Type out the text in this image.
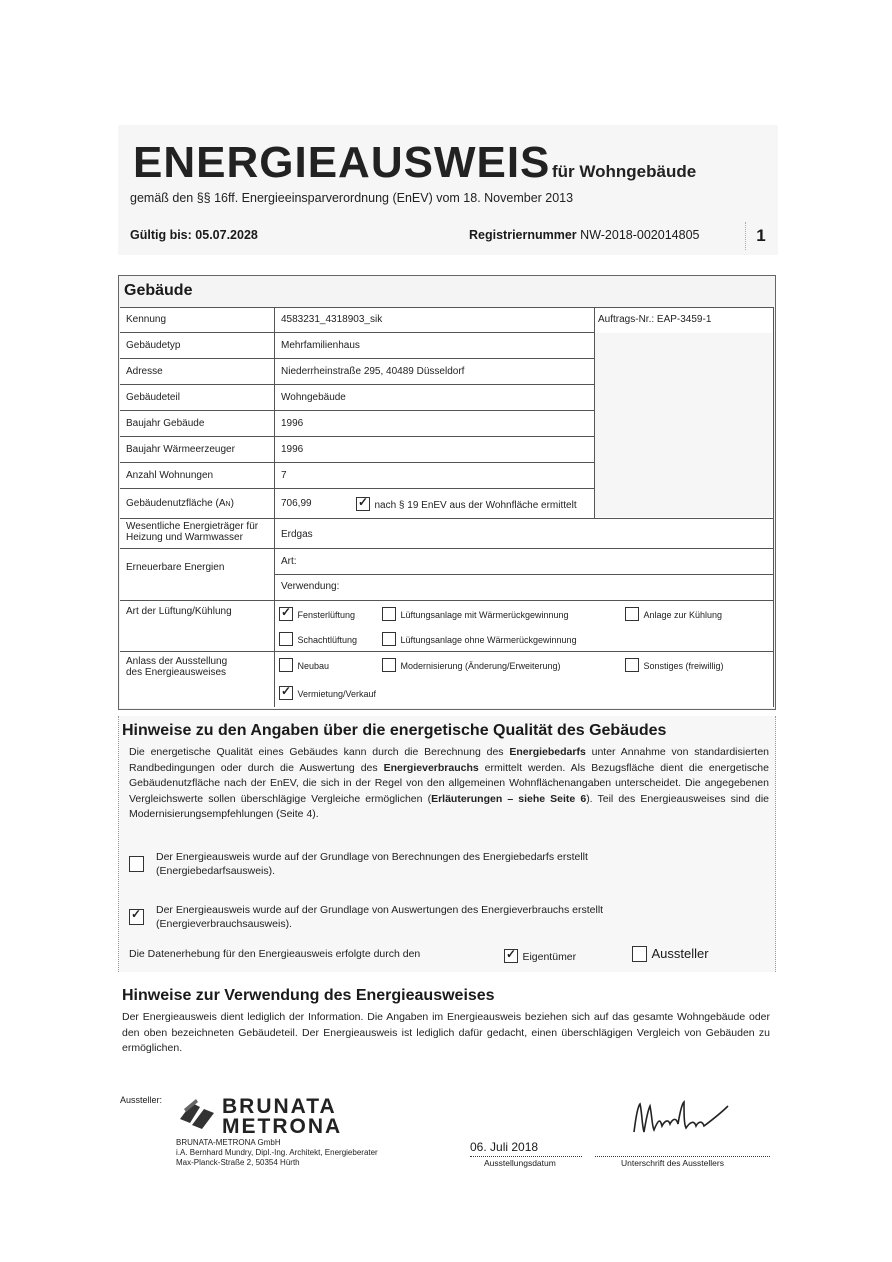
ENERGIEAUSWEIS für Wohngebäude
gemäß den §§ 16ff. Energieeinsparverordnung (EnEV) vom 18. November 2013
Gültig bis: 05.07.2028	Registriernummer NW-2018-002014805	1
Gebäude
Kennung	4583231_4318903_sik	Auftrags-Nr.: EAP-3459-1
Gebäudetyp	Mehrfamilienhaus
Adresse	Niederrheinstraße 295, 40489 Düsseldorf
Gebäudeteil	Wohngebäude
Baujahr Gebäude	1996
Baujahr Wärmeerzeuger	1996
Anzahl Wohnungen	7
Gebäudenutzfläche (AN)	706,99 ✓	nach § 19 EnEV aus der Wohnfläche ermittelt
Wesentliche Energieträger für
Heizung und Warmwasser	Erdgas
Erneuerbare Energien
Art:
Verwendung:
Art der Lüftung/Kühlung ✓	Fensterlüftung	Lüftungsanlage mit Wärmerückgewinnung	Anlage zur Kühlung
Schachtlüftung	Lüftungsanlage ohne Wärmerückgewinnung
Anlass der Ausstellung
des Energieausweises
Neubau	Modernisierung (Änderung/Erweiterung)	Sonstiges (freiwillig)
✓ Vermietung/Verkauf
Hinweise zu den Angaben über die energetische Qualität des Gebäudes
Die energetische Qualität eines Gebäudes kann durch die Berechnung des Energiebedarfs unter Annahme von standardisierten Randbedingungen oder durch die Auswertung des Energieverbrauchs ermittelt werden. Als Bezugsfläche dient die energetische Gebäudenutzfläche nach der EnEV, die sich in der Regel von den allgemeinen Wohnflächenangaben unterscheidet. Die angegebenen Vergleichswerte sollen überschlägige Vergleiche ermöglichen (Erläuterungen – siehe Seite 6). Teil des Energieausweises sind die Modernisierungsempfehlungen (Seite 4).
Der Energieausweis wurde auf der Grundlage von Berechnungen des Energiebedarfs erstellt
(Energiebedarfsausweis).
✓
Der Energieausweis wurde auf der Grundlage von Auswertungen des Energieverbrauchs erstellt
(Energieverbrauchsausweis).
Die Datenerhebung für den Energieausweis erfolgte durch den ✓	Eigentümer	Aussteller
Hinweise zur Verwendung des Energieausweises
Der Energieausweis dient lediglich der Information. Die Angaben im Energieausweis beziehen sich auf das gesamte Wohngebäude oder den oben bezeichneten Gebäudeteil. Der Energieausweis ist lediglich dafür gedacht, einen überschlägigen Vergleich von Gebäuden zu ermöglichen.
Aussteller:	BRUNATA
METRONA
BRUNATA-METRONA GmbH
i.A. Bernhard Mundry, Dipl.-Ing. Architekt, Energieberater
Max-Planck-Straße 2, 50354 Hürth
06. Juli 2018
Ausstellungsdatum	Unterschrift des Ausstellers
